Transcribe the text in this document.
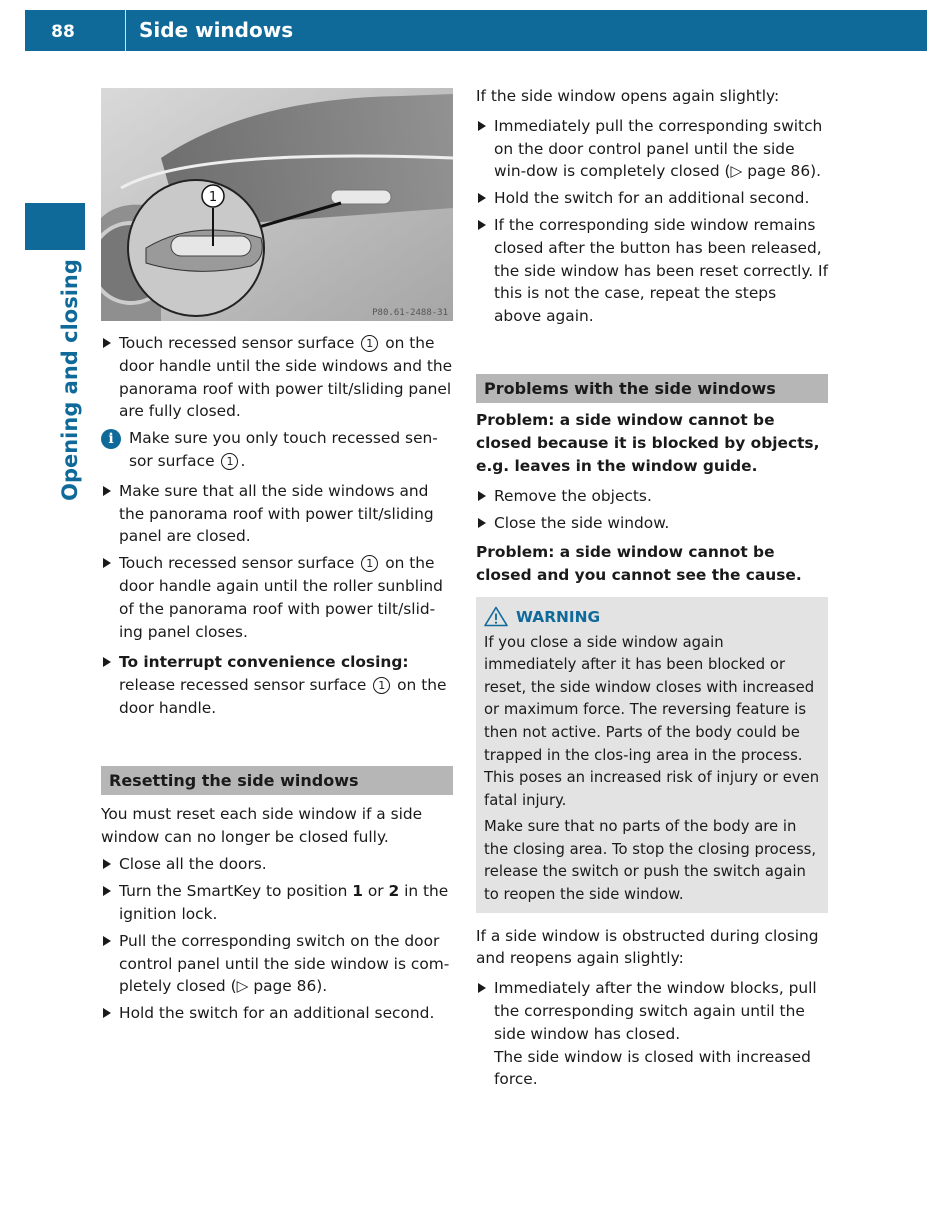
88	Side windows
Opening and closing
1
P80.61-2488-31
Touch recessed sensor surface 1 on the door handle until the side windows and the panorama roof with power tilt/sliding panel are fully closed.

i Make sure you only touch recessed sen-sor surface 1 .

Make sure that all the side windows and the panorama roof with power tilt/sliding panel are closed.
Touch recessed sensor surface 1 on the door handle again until the roller sunblind of the panorama roof with power tilt/slid-ing panel closes.
To interrupt convenience closing:
release recessed sensor surface 1 on the door handle.
Resetting the side windows

You must reset each side window if a side window can no longer be closed fully.

Close all the doors.
Turn the SmartKey to position 1 or 2 in the ignition lock.
Pull the corresponding switch on the door control panel until the side window is com-pletely closed (▷ page 86).
Hold the switch for an additional second.

If the side window opens again slightly:

Immediately pull the corresponding switch on the door control panel until the side win-dow is completely closed (▷ page 86).
Hold the switch for an additional second.
If the corresponding side window remains closed after the button has been released, the side window has been reset correctly. If this is not the case, repeat the steps above again.
Problems with the side windows

Problem: a side window cannot be closed because it is blocked by objects, e.g. leaves in the window guide.

Remove the objects.
Close the side window.

Problem: a side window cannot be closed and you cannot see the cause.

WARNING

If you close a side window again immediately after it has been blocked or reset, the side window closes with increased or maximum force. The reversing feature is then not active. Parts of the body could be trapped in the clos-ing area in the process. This poses an increased risk of injury or even fatal injury.

Make sure that no parts of the body are in the closing area. To stop the closing process, release the switch or push the switch again to reopen the side window.

If a side window is obstructed during closing and reopens again slightly:

Immediately after the window blocks, pull the corresponding switch again until the side window has closed.
The side window is closed with increased force.
